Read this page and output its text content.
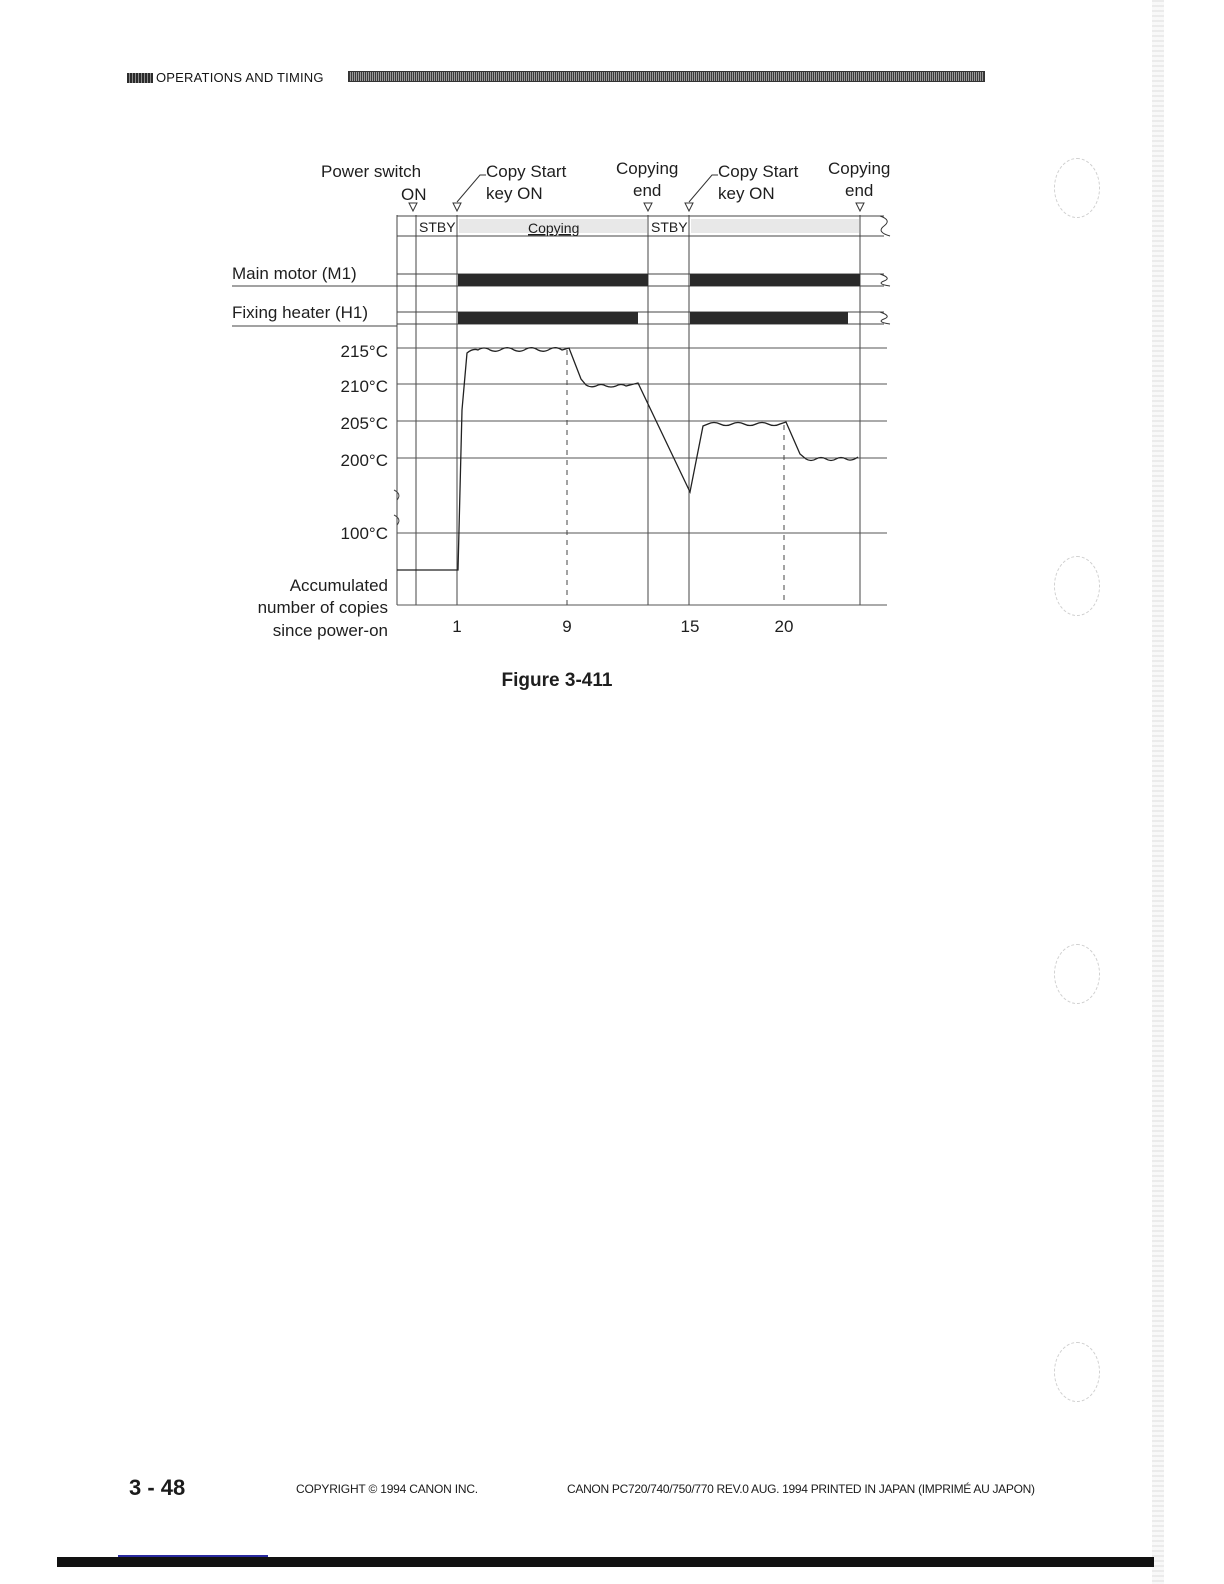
OPERATIONS AND TIMING
Power switch
ON
Copy Start
key ON
Copying
end
Copy Start
key ON
Copying
end
STBY	Copying	STBY
Main motor (M1)
Fixing heater (H1)
215°C
210°C
205°C
200°C
100°C
Accumulated
number of copies
since power-on	1	9	15	20
Figure 3-411
3 - 48	COPYRIGHT © 1994 CANON INC.	CANON PC720/740/750/770 REV.0 AUG. 1994 PRINTED IN JAPAN (IMPRIMÉ AU JAPON)
